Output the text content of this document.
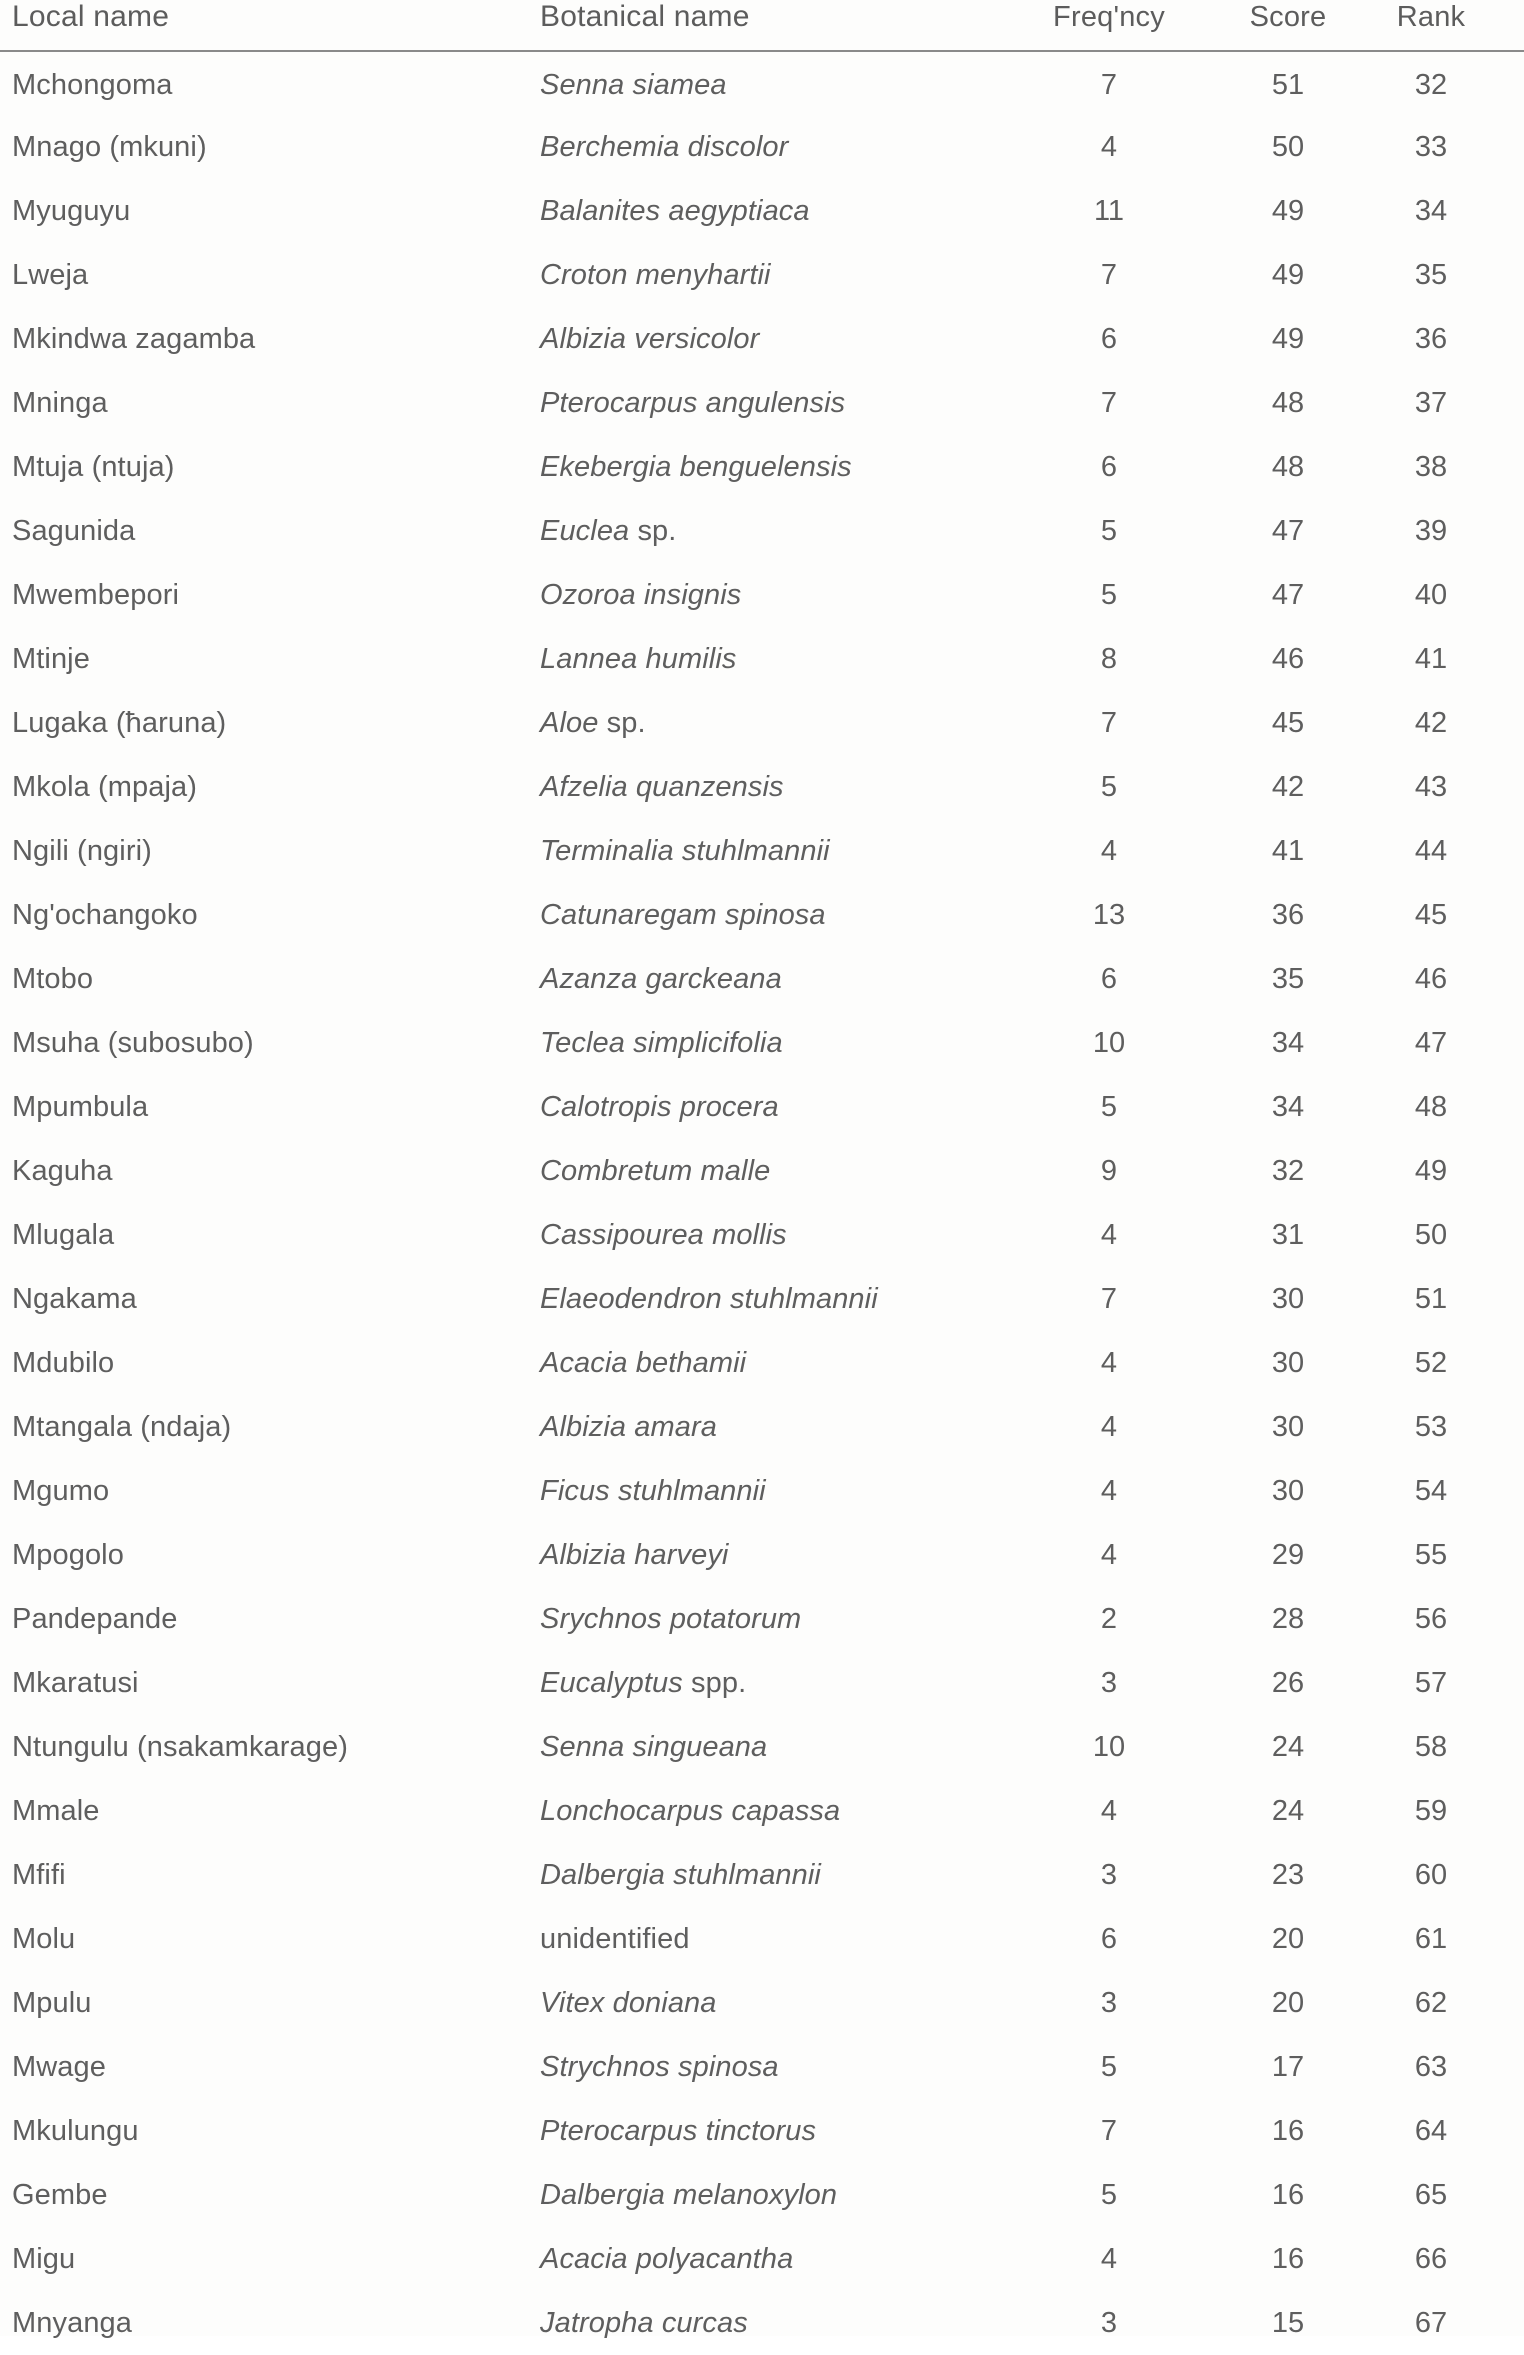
Local name	Botanical name	Freq'ncy	Score	Rank
Mchongoma	Senna siamea	7	51	32
Mnago (mkuni)	Berchemia discolor	4	50	33
Myuguyu	Balanites aegyptiaca	11	49	34
Lweja	Croton menyhartii	7	49	35
Mkindwa zagamba	Albizia versicolor	6	49	36
Mninga	Pterocarpus angulensis	7	48	37
Mtuja (ntuja)	Ekebergia benguelensis	6	48	38
Sagunida	Euclea sp.	5	47	39
Mwembepori	Ozoroa insignis	5	47	40
Mtinje	Lannea humilis	8	46	41
Lugaka (ħaruna)	Aloe sp.	7	45	42
Mkola (mpaja)	Afzelia quanzensis	5	42	43
Ngili (ngiri)	Terminalia stuhlmannii	4	41	44
Ng'ochangoko	Catunaregam spinosa	13	36	45
Mtobo	Azanza garckeana	6	35	46
Msuha (subosubo)	Teclea simplicifolia	10	34	47
Mpumbula	Calotropis procera	5	34	48
Kaguha	Combretum malle	9	32	49
Mlugala	Cassipourea mollis	4	31	50
Ngakama	Elaeodendron stuhlmannii	7	30	51
Mdubilo	Acacia bethamii	4	30	52
Mtangala (ndaja)	Albizia amara	4	30	53
Mgumo	Ficus stuhlmannii	4	30	54
Mpogolo	Albizia harveyi	4	29	55
Pandepande	Srychnos potatorum	2	28	56
Mkaratusi	Eucalyptus spp.	3	26	57
Ntungulu (nsakamkarage)	Senna singueana	10	24	58
Mmale	Lonchocarpus capassa	4	24	59
Mfifi	Dalbergia stuhlmannii	3	23	60
Molu	unidentified	6	20	61
Mpulu	Vitex doniana	3	20	62
Mwage	Strychnos spinosa	5	17	63
Mkulungu	Pterocarpus tinctorus	7	16	64
Gembe	Dalbergia melanoxylon	5	16	65
Migu	Acacia polyacantha	4	16	66
Mnyanga	Jatropha curcas	3	15	67
